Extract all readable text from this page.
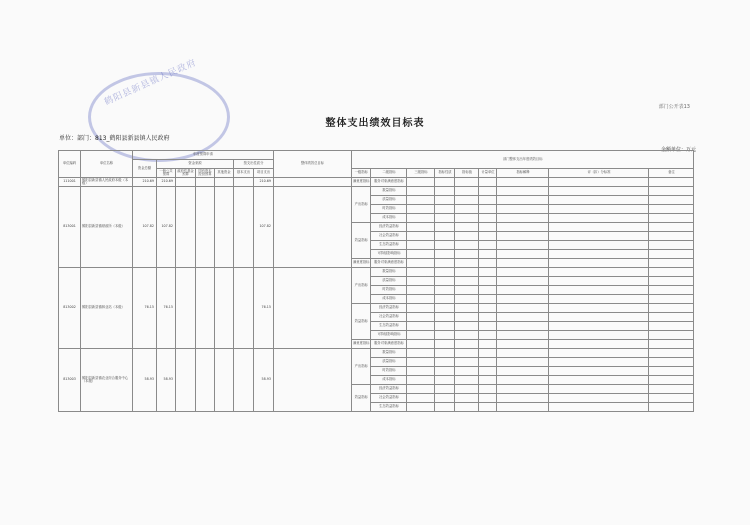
鹤阳县新县镇人民政府	部门公开表13
整体支出绩效目标表
单位：部门：813_鹤阳县新县镇人民政府
金额单位：万元
单位编码	单位名称	年度预算申请							整体绩效总目标	部门整体支出年度绩效目标								
		资金总额	资金来源				按支出性质分											
			一般公共预算	政府性基金预算	国有资本经营预算	其他资金	基本支出	项目支出		一级指标	二级指标	三级指标	指标性质	指标值	计量单位	指标解释	评（扣）分标准	备注

111001	鹤阳县新县镇人民政府本级（本级）	210.69	210.69					210.69		满意度指标	服务对象满意度指标							
813001	鹤阳县新县镇财政所（本级）	107.82	107.82					107.82		产出指标	数量指标							
											质量指标							
											时效指标							
											成本指标							
										效益指标	经济效益指标							
											社会效益指标							
											生态效益指标							
											可持续影响指标							
										满意度指标	服务对象满意度指标							
813002	鹤阳县新县镇林业站（本级）	76.15	76.15					76.15		产出指标	数量指标							
											质量指标							
											时效指标							
											成本指标							
										效益指标	经济效益指标							
											社会效益指标							
											生态效益指标							
											可持续影响指标							
										满意度指标	服务对象满意度指标							
813003	鹤阳县新县镇农业综合服务中心（本级）	58.93	58.93					58.93		产出指标	数量指标							
											质量指标							
											时效指标							
											成本指标							
										效益指标	经济效益指标							
											社会效益指标							
											生态效益指标							
